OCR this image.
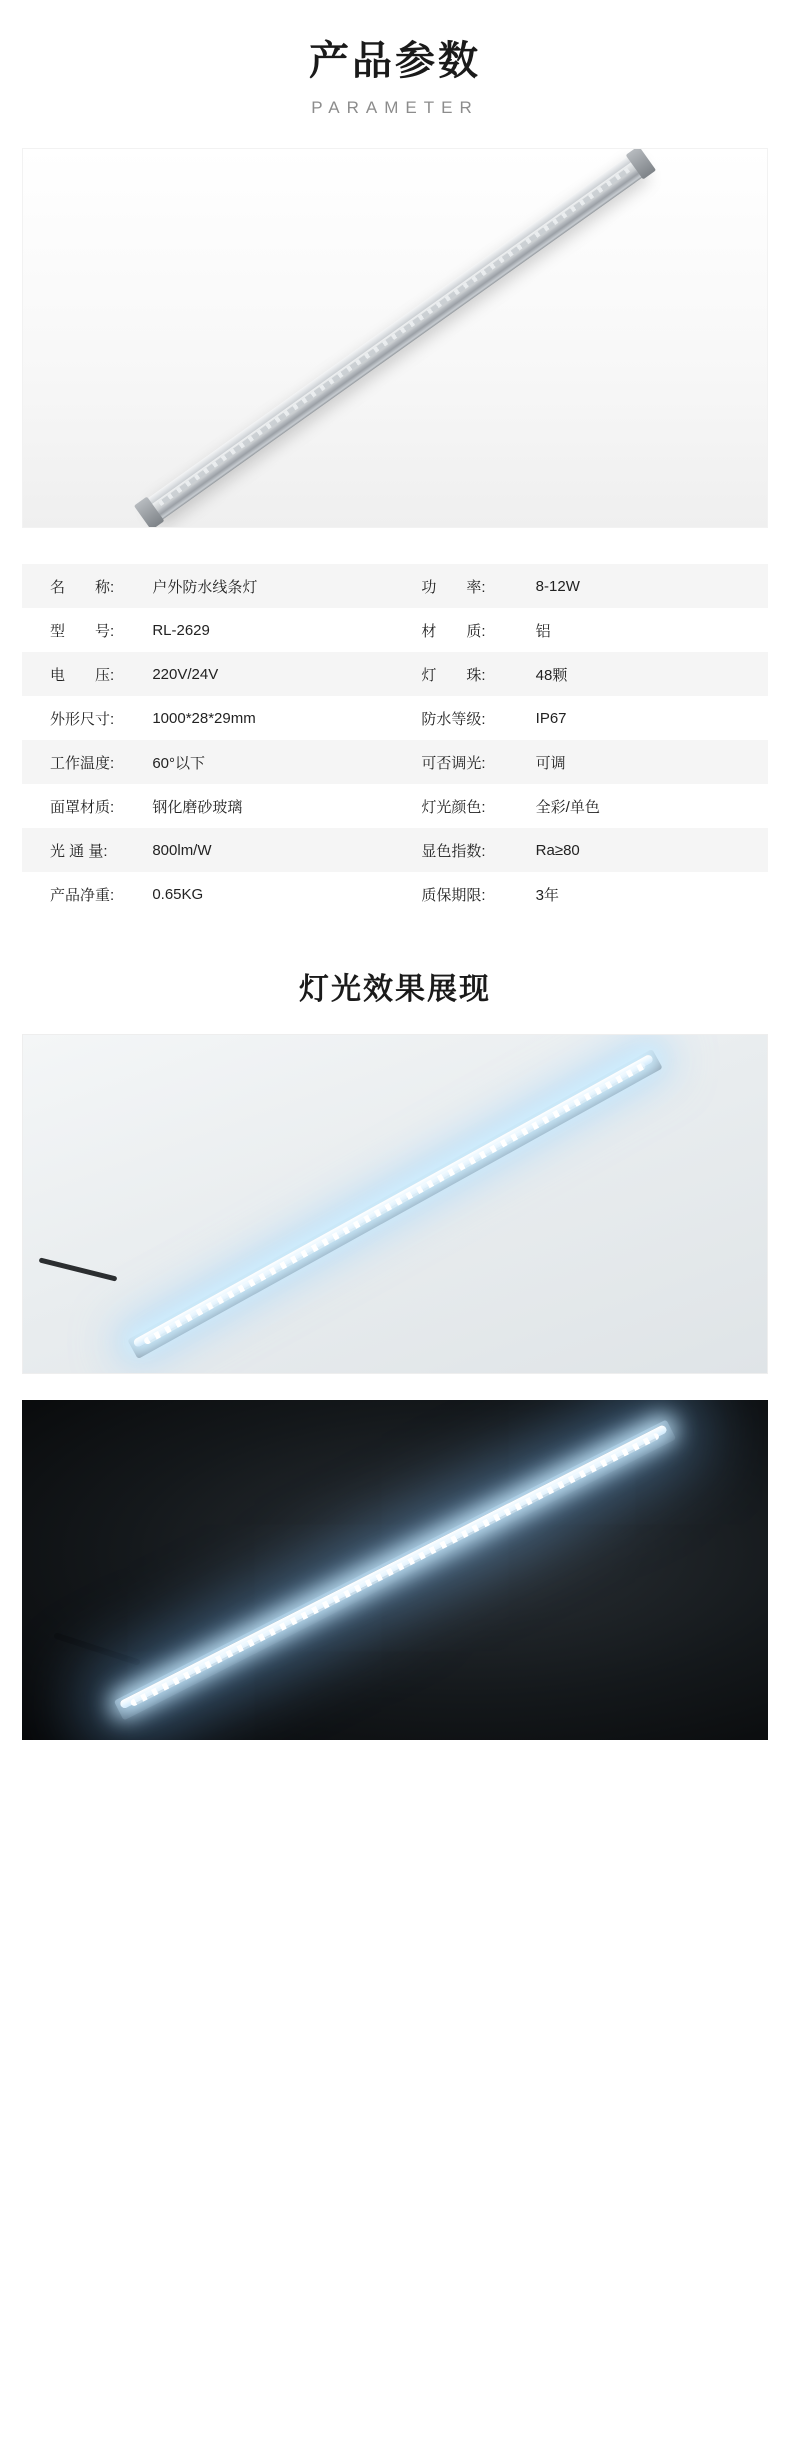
产品参数
PARAMETER
名　　称:	户外防水线条灯	功　　率:	8-12W
型　　号:	RL-2629	材　　质:	铝
电　　压:	220V/24V	灯　　珠:	48颗
外形尺寸:	1000*28*29mm	防水等级:	IP67
工作温度:	60°以下	可否调光:	可调
面罩材质:	钢化磨砂玻璃	灯光颜色:	全彩/单色
光 通 量:	800lm/W	显色指数:	Ra≥80
产品净重:	0.65KG	质保期限:	3年
灯光效果展现
